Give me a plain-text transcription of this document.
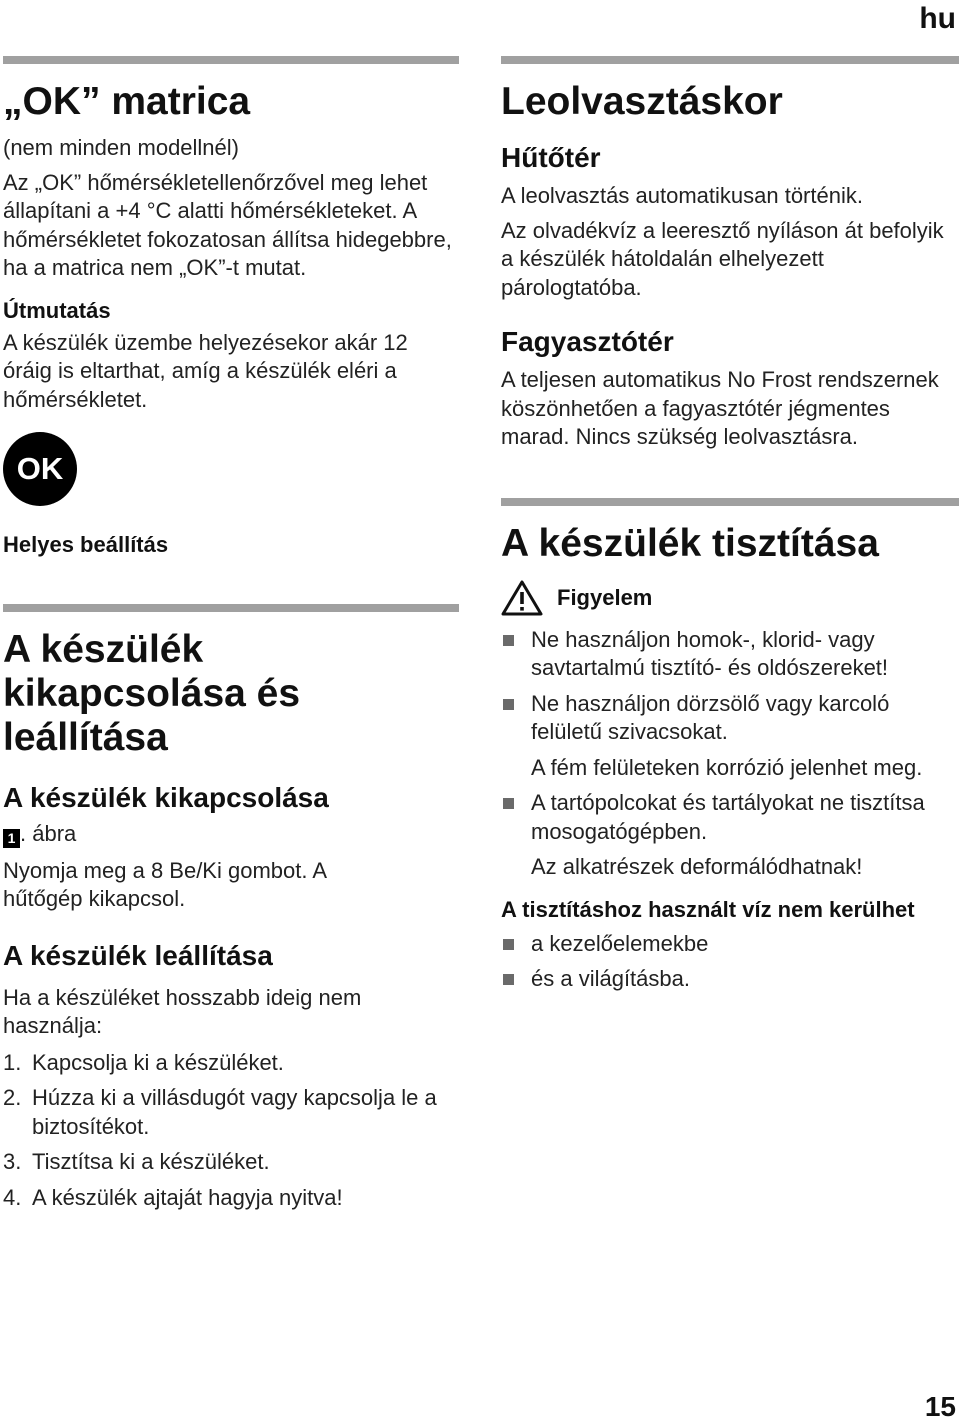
hu
„OK” matrica
(nem minden modellnél)
Az „OK” hőmérsékletellenőrzővel meg lehet állapítani a +4 °C alatti hőmérsékleteket. A hőmérsékletet fokozatosan állítsa hidegebbre, ha a matrica nem „OK”-t mutat.
Útmutatás
A készülék üzembe helyezésekor akár 12 óráig is eltarthat, amíg a készülék eléri a hőmérsékletet.
OK
Helyes beállítás
A készülék kikapcsolása és leállítása
A készülék kikapcsolása
1 . ábra
Nyomja meg a 8 Be/Ki gombot. A hűtőgép kikapcsol.
A készülék leállítása
Ha a készüléket hosszabb ideig nem használja:
1. Kapcsolja ki a készüléket.
2. Húzza ki a villásdugót vagy kapcsolja le a biztosítékot.
3. Tisztítsa ki a készüléket.
4. A készülék ajtaját hagyja nyitva!
Leolvasztáskor
Hűtőtér
A leolvasztás automatikusan történik.
Az olvadékvíz a leeresztő nyíláson át befolyik a készülék hátoldalán elhelyezett párologtatóba.
Fagyasztótér
A teljesen automatikus No Frost rendszernek köszönhetően a fagyasztótér jégmentes marad. Nincs szükség leolvasztásra.
A készülék tisztítása
Figyelem
Ne használjon homok-, klorid- vagy savtartalmú tisztító- és oldószereket!
Ne használjon dörzsölő vagy karcoló felületű szivacsokat.
A fém felületeken korrózió jelenhet meg.
A tartópolcokat és tartályokat ne tisztítsa mosogatógépben.
Az alkatrészek deformálódhatnak!
A tisztításhoz használt víz nem kerülhet
a kezelőelemekbe
és a világításba.
15
